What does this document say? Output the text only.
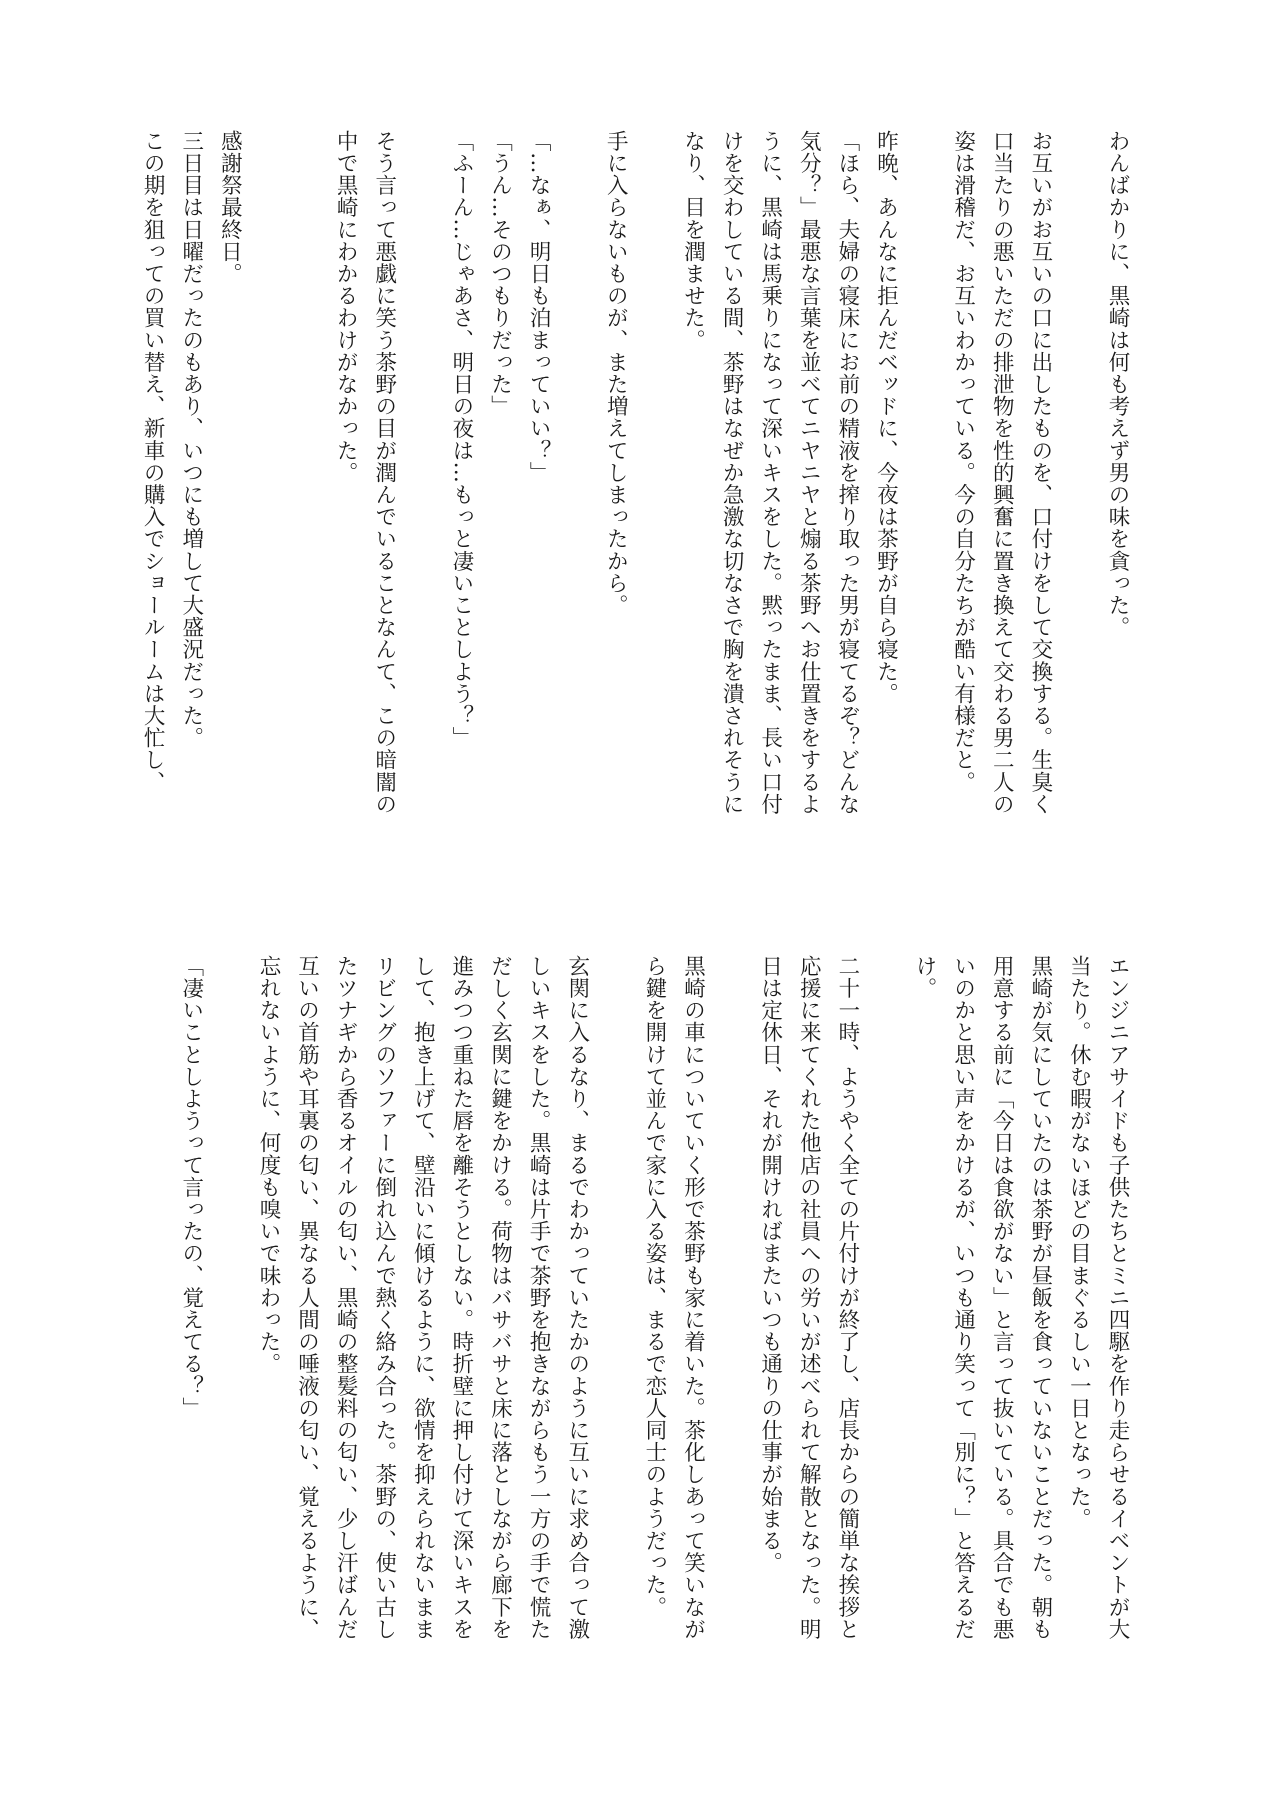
わんばかりに、黒崎は何も考えず男の味を貪った。

お互いがお互いの口に出したものを、口付けをして交換する。生臭く口当たりの悪いただの排泄物を性的興奮に置き換えて交わる男二人の姿は滑稽だ、お互いわかっている。今の自分たちが酷い有様だと。

昨晩、あんなに拒んだベッドに、今夜は茶野が自ら寝た。

「ほら、夫婦の寝床にお前の精液を搾り取った男が寝てるぞ？どんな気分？」最悪な言葉を並べてニヤニヤと煽る茶野へお仕置きをするように、黒崎は馬乗りになって深いキスをした。黙ったまま、長い口付けを交わしている間、茶野はなぜか急激な切なさで胸を潰されそうになり、目を潤ませた。

手に入らないものが、また増えてしまったから。

「…なぁ、明日も泊まっていい？」

「うん…そのつもりだった」

「ふーん…じゃあさ、明日の夜は…もっと凄いことしよう？」

そう言って悪戯に笑う茶野の目が潤んでいることなんて、この暗闇の中で黒崎にわかるわけがなかった。

感謝祭最終日。

三日目は日曜だったのもあり、いつにも増して大盛況だった。

この期を狙っての買い替え、新車の購入でショールームは大忙し、

エンジニアサイドも子供たちとミニ四駆を作り走らせるイベントが大当たり。休む暇がないほどの目まぐるしい一日となった。

黒崎が気にしていたのは茶野が昼飯を食っていないことだった。朝も用意する前に「今日は食欲がない」と言って抜いている。具合でも悪いのかと思い声をかけるが、いつも通り笑って「別に？」と答えるだけ。

二十一時、ようやく全ての片付けが終了し、店長からの簡単な挨拶と応援に来てくれた他店の社員への労いが述べられて解散となった。明日は定休日、それが開ければまたいつも通りの仕事が始まる。

黒崎の車についていく形で茶野も家に着いた。茶化しあって笑いながら鍵を開けて並んで家に入る姿は、まるで恋人同士のようだった。

玄関に入るなり、まるでわかっていたかのように互いに求め合って激しいキスをした。黒崎は片手で茶野を抱きながらもう一方の手で慌ただしく玄関に鍵をかける。荷物はバサバサと床に落としながら廊下を進みつつ重ねた唇を離そうとしない。時折壁に押し付けて深いキスをして、抱き上げて、壁沿いに傾けるように、欲情を抑えられないままリビングのソファーに倒れ込んで熱く絡み合った。茶野の、使い古したツナギから香るオイルの匂い、黒崎の整髪料の匂い、少し汗ばんだ互いの首筋や耳裏の匂い、異なる人間の唾液の匂い、覚えるように、忘れないように、何度も嗅いで味わった。

「凄いことしようって言ったの、覚えてる？」
